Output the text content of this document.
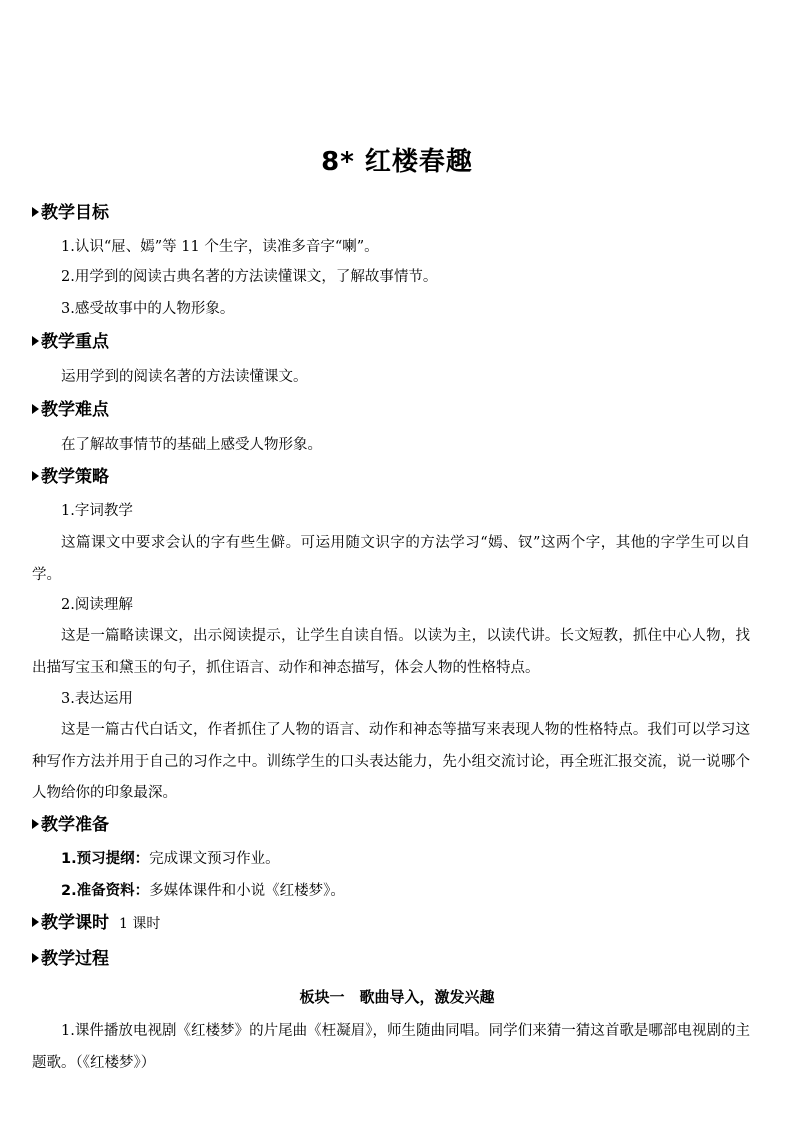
8* 红楼春趣
教学目标
1.认识“屉、嫣”等 11 个生字，读准多音字“喇”。
2.用学到的阅读古典名著的方法读懂课文，了解故事情节。
3.感受故事中的人物形象。
教学重点
运用学到的阅读名著的方法读懂课文。
教学难点
在了解故事情节的基础上感受人物形象。
教学策略
1.字词教学
这篇课文中要求会认的字有些生僻。可运用随文识字的方法学习“嫣、钗”这两个字，其他的字学生可以自学。
2.阅读理解
这是一篇略读课文，出示阅读提示，让学生自读自悟。以读为主，以读代讲。长文短教，抓住中心人物，找出描写宝玉和黛玉的句子，抓住语言、动作和神态描写，体会人物的性格特点。
3.表达运用
这是一篇古代白话文，作者抓住了人物的语言、动作和神态等描写来表现人物的性格特点。我们可以学习这种写作方法并用于自己的习作之中。训练学生的口头表达能力，先小组交流讨论，再全班汇报交流，说一说哪个人物给你的印象最深。
教学准备
1.预习提纲：完成课文预习作业。
2.准备资料：多媒体课件和小说《红楼梦》。
教学课时 1 课时
教学过程
板块一　歌曲导入，激发兴趣
1.课件播放电视剧《红楼梦》的片尾曲《枉凝眉》，师生随曲同唱。同学们来猜一猜这首歌是哪部电视剧的主题歌。（《红楼梦》）
